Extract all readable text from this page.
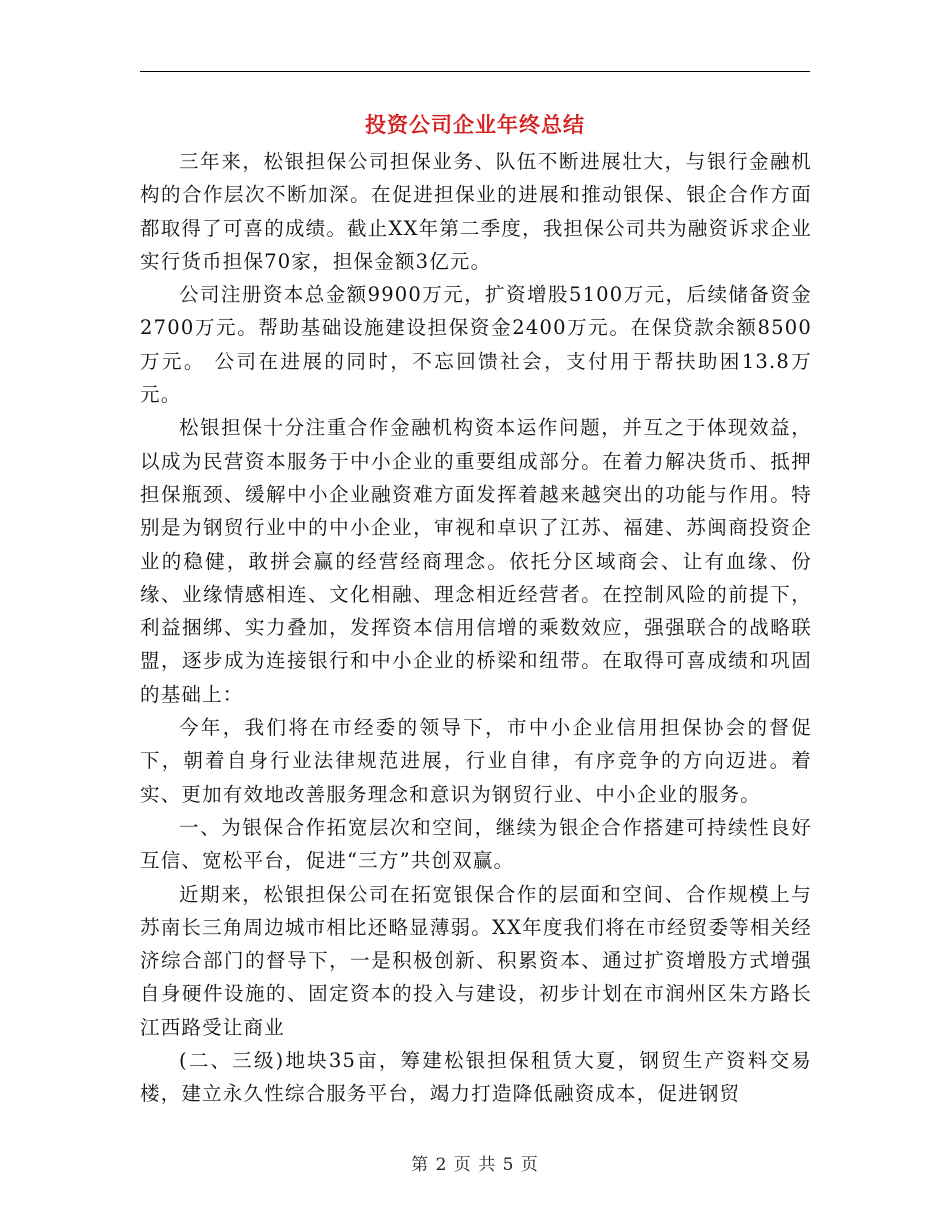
投资公司企业年终总结

三年来，松银担保公司担保业务、队伍不断进展壮大，与银行金融机构的合作层次不断加深。在促进担保业的进展和推动银保、银企合作方面都取得了可喜的成绩。截止XX年第二季度，我担保公司共为融资诉求企业实行货币担保70家，担保金额3亿元。

公司注册资本总金额9900万元，扩资增股5100万元，后续储备资金2700万元。帮助基础设施建设担保资金2400万元。在保贷款余额8500万元。 公司在进展的同时，不忘回馈社会，支付用于帮扶助困13.8万元。

松银担保十分注重合作金融机构资本运作问题，并互之于体现效益，以成为民营资本服务于中小企业的重要组成部分。在着力解决货币、抵押担保瓶颈、缓解中小企业融资难方面发挥着越来越突出的功能与作用。特别是为钢贸行业中的中小企业，审视和卓识了江苏、福建、苏闽商投资企业的稳健，敢拼会赢的经营经商理念。依托分区域商会、让有血缘、份缘、业缘情感相连、文化相融、理念相近经营者。在控制风险的前提下，利益捆绑、实力叠加，发挥资本信用信增的乘数效应，强强联合的战略联盟，逐步成为连接银行和中小企业的桥梁和纽带。在取得可喜成绩和巩固的基础上：

今年，我们将在市经委的领导下，市中小企业信用担保协会的督促下，朝着自身行业法律规范进展，行业自律，有序竞争的方向迈进。着实、更加有效地改善服务理念和意识为钢贸行业、中小企业的服务。

一、为银保合作拓宽层次和空间，继续为银企合作搭建可持续性良好互信、宽松平台，促进“三方”共创双赢。

近期来，松银担保公司在拓宽银保合作的层面和空间、合作规模上与苏南长三角周边城市相比还略显薄弱。XX年度我们将在市经贸委等相关经济综合部门的督导下，一是积极创新、积累资本、通过扩资增股方式增强自身硬件设施的、固定资本的投入与建设，初步计划在市润州区朱方路长江西路受让商业

(二、三级)地块35亩，筹建松银担保租赁大夏，钢贸生产资料交易楼，建立永久性综合服务平台，竭力打造降低融资成本，促进钢贸

第 2 页 共 5 页
